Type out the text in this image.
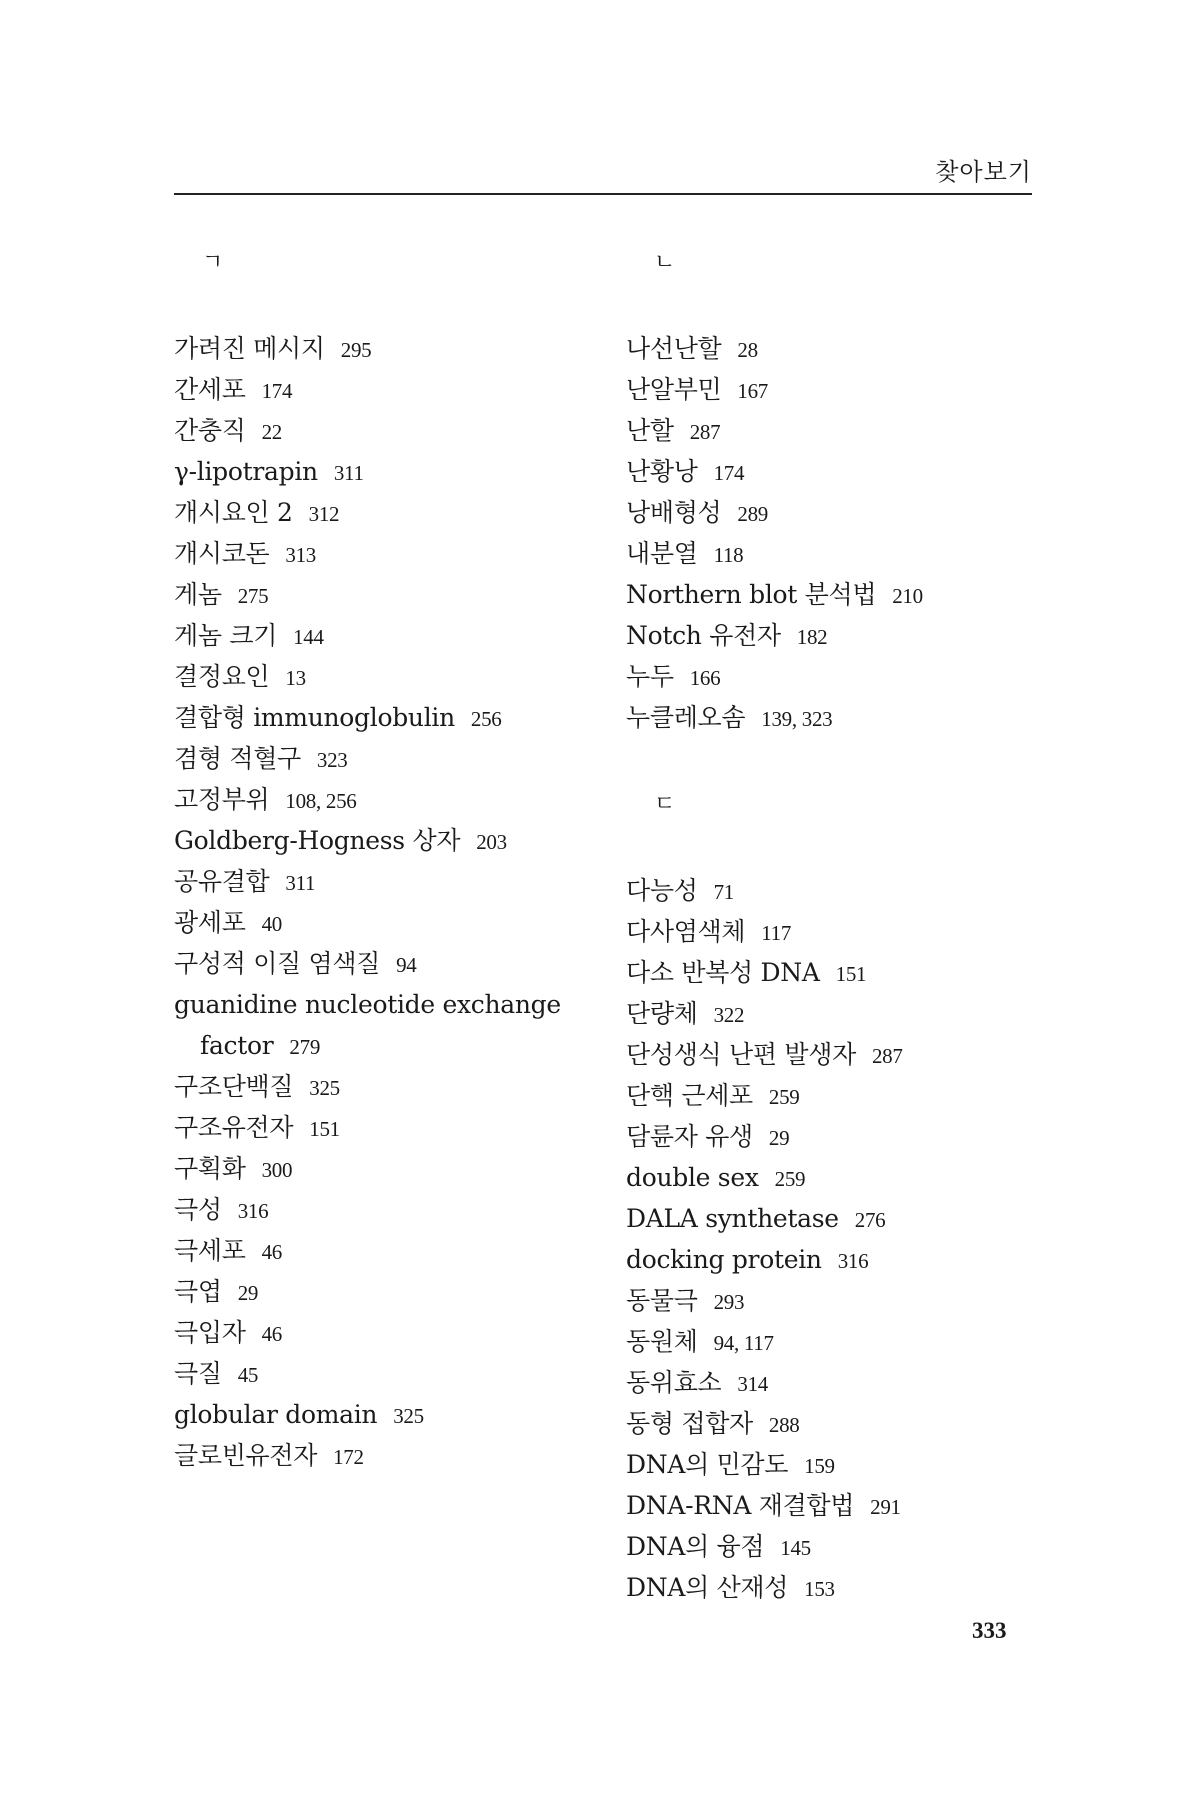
찾아보기
ㄱ
가려진 메시지 295
간세포 174
간충직 22
γ-lipotrapin 311
개시요인 2 312
개시코돈 313
게놈 275
게놈 크기 144
결정요인 13
결합형 immunoglobulin 256
겸형 적혈구 323
고정부위 108, 256
Goldberg-Hogness 상자 203
공유결합 311
광세포 40
구성적 이질 염색질 94
guanidine nucleotide exchange
factor 279
구조단백질 325
구조유전자 151
구획화 300
극성 316
극세포 46
극엽 29
극입자 46
극질 45
globular domain 325
글로빈유전자 172
ㄴ
나선난할 28
난알부민 167
난할 287
난황낭 174
낭배형성 289
내분열 118
Northern blot 분석법 210
Notch 유전자 182
누두 166
누클레오솜 139, 323
ㄷ
다능성 71
다사염색체 117
다소 반복성 DNA 151
단량체 322
단성생식 난편 발생자 287
단핵 근세포 259
담륜자 유생 29
double sex 259
DALA synthetase 276
docking protein 316
동물극 293
동원체 94, 117
동위효소 314
동형 접합자 288
DNA의 민감도 159
DNA-RNA 재결합법 291
DNA의 융점 145
DNA의 산재성 153
333
